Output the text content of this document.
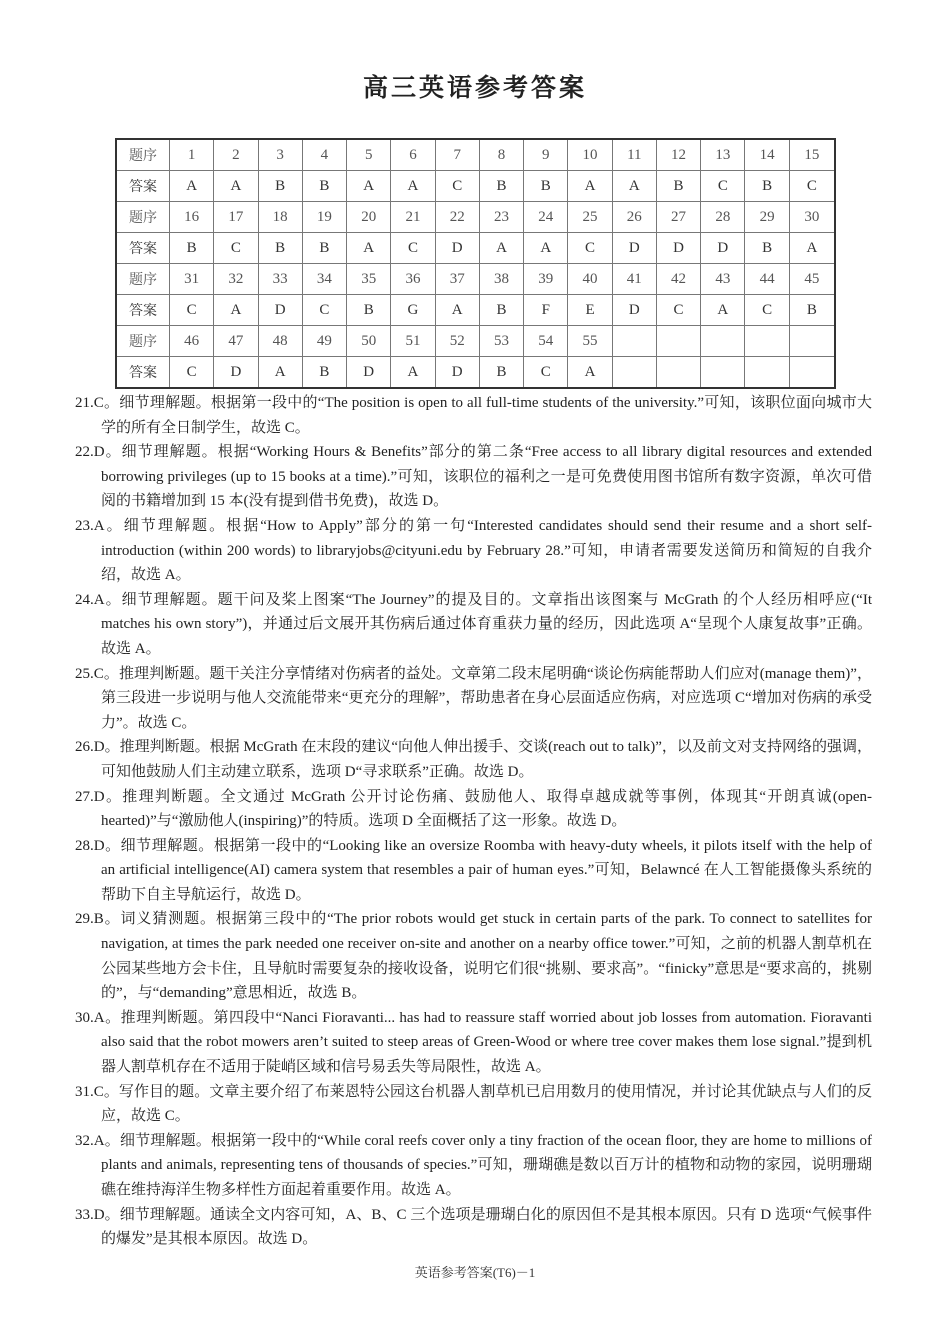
高三英语参考答案
题序	1	2	3	4	5	6	7	8	9	10	11	12	13	14	15
答案	A	A	B	B	A	A	C	B	B	A	A	B	C	B	C
题序	16	17	18	19	20	21	22	23	24	25	26	27	28	29	30
答案	B	C	B	B	A	C	D	A	A	C	D	D	D	B	A
题序	31	32	33	34	35	36	37	38	39	40	41	42	43	44	45
答案	C	A	D	C	B	G	A	B	F	E	D	C	A	C	B
题序	46	47	48	49	50	51	52	53	54	55					
答案	C	D	A	B	D	A	D	B	C	A					

21.C。细节理解题。根据第一段中的“The position is open to all full-time students of the university.”可知，该职位面向城市大学的所有全日制学生，故选 C。

22.D。细节理解题。根据“Working Hours & Benefits”部分的第二条“Free access to all library digital resources and extended borrowing privileges (up to 15 books at a time).”可知，该职位的福利之一是可免费使用图书馆所有数字资源，单次可借阅的书籍增加到 15 本(没有提到借书免费)，故选 D。

23.A。细节理解题。根据“How to Apply”部分的第一句“Interested candidates should send their resume and a short self-introduction (within 200 words) to libraryjobs@cityuni.edu by February 28.”可知，申请者需要发送简历和简短的自我介绍，故选 A。

24.A。细节理解题。题干问及桨上图案“The Journey”的提及目的。文章指出该图案与 McGrath 的个人经历相呼应(“It matches his own story”)，并通过后文展开其伤病后通过体育重获力量的经历，因此选项 A“呈现个人康复故事”正确。故选 A。

25.C。推理判断题。题干关注分享情绪对伤病者的益处。文章第二段末尾明确“谈论伤病能帮助人们应对(manage them)”，第三段进一步说明与他人交流能带来“更充分的理解”，帮助患者在身心层面适应伤病，对应选项 C“增加对伤病的承受力”。故选 C。

26.D。推理判断题。根据 McGrath 在末段的建议“向他人伸出援手、交谈(reach out to talk)”，以及前文对支持网络的强调，可知他鼓励人们主动建立联系，选项 D“寻求联系”正确。故选 D。

27.D。推理判断题。全文通过 McGrath 公开讨论伤痛、鼓励他人、取得卓越成就等事例，体现其“开朗真诚(open-hearted)”与“激励他人(inspiring)”的特质。选项 D 全面概括了这一形象。故选 D。

28.D。细节理解题。根据第一段中的“Looking like an oversize Roomba with heavy-duty wheels, it pilots itself with the help of an artificial intelligence(AI) camera system that resembles a pair of human eyes.”可知，Belawncé 在人工智能摄像头系统的帮助下自主导航运行，故选 D。

29.B。词义猜测题。根据第三段中的“The prior robots would get stuck in certain parts of the park. To connect to satellites for navigation, at times the park needed one receiver on-site and another on a nearby office tower.”可知，之前的机器人割草机在公园某些地方会卡住，且导航时需要复杂的接收设备，说明它们很“挑剔、要求高”。“finicky”意思是“要求高的，挑剔的”，与“demanding”意思相近，故选 B。

30.A。推理判断题。第四段中“Nanci Fioravanti... has had to reassure staff worried about job losses from automation. Fioravanti also said that the robot mowers aren’t suited to steep areas of Green-Wood or where tree cover makes them lose signal.”提到机器人割草机存在不适用于陡峭区域和信号易丢失等局限性，故选 A。

31.C。写作目的题。文章主要介绍了布莱恩特公园这台机器人割草机已启用数月的使用情况，并讨论其优缺点与人们的反应，故选 C。

32.A。细节理解题。根据第一段中的“While coral reefs cover only a tiny fraction of the ocean floor, they are home to millions of plants and animals, representing tens of thousands of species.”可知，珊瑚礁是数以百万计的植物和动物的家园，说明珊瑚礁在维持海洋生物多样性方面起着重要作用。故选 A。

33.D。细节理解题。通读全文内容可知，A、B、C 三个选项是珊瑚白化的原因但不是其根本原因。只有 D 选项“气候事件的爆发”是其根本原因。故选 D。

英语参考答案(T6)－1
